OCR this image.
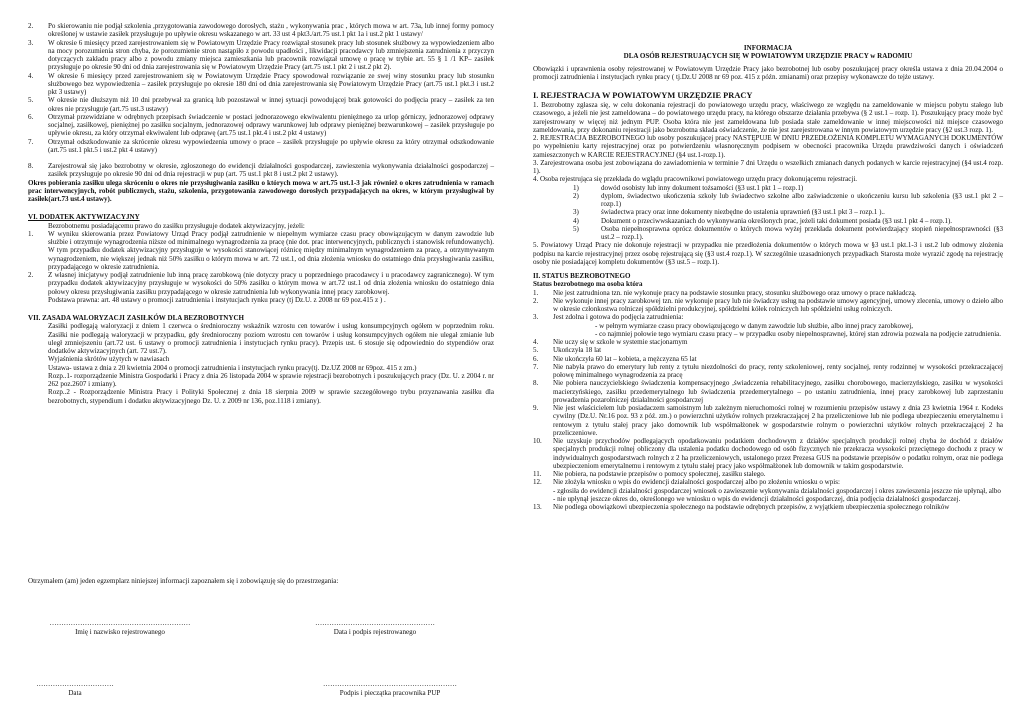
2.	Po skierowaniu nie podjął szkolenia ,przygotowania zawodowego dorosłych, stażu , wykonywania prac , których mowa w art. 73a, lub innej formy pomocy określonej w ustawie zasiłek przysługuje po upływie okresu wskazanego w art. 33 ust 4 pkt3./art.75 ust.1 pkt 1a i ust.2 pkt 1 ustawy/
3.	W okresie 6 miesięcy przed zarejestrowaniem się w Powiatowym Urzędzie Pracy rozwiązał stosunek pracy lub stosunek służbowy za wypowiedzeniem albo na mocy porozumienia stron chyba, że porozumienie stron nastąpiło z powodu upadłości , likwidacji pracodawcy lub zmniejszenia zatrudnienia z przyczyn dotyczących zakładu pracy albo z powodu zmiany miejsca zamieszkania lub pracownik rozwiązał umowę o pracę w trybie art. 55 § 1 /1 KP– zasiłek przysługuje po okresie 90 dni od dnia zarejestrowania się w Powiatowym Urzędzie Pracy (art.75 ust.1 pkt 2 i ust.2 pkt 2).
4.	W okresie 6 miesięcy przed zarejestrowaniem się w Powiatowym Urzędzie Pracy spowodował rozwiązanie ze swej winy stosunku pracy lub stosunku służbowego bez wypowiedzenia – zasiłek przysługuje po okresie 180 dni od dnia zarejestrowania się Powiatowym Urzędzie Pracy (art.75 ust.1 pkt.3 i ust.2 pkt 3 ustawy)
5.	W okresie nie dłuższym niż 10 dni przebywał za granicą lub pozostawał w innej sytuacji powodującej brak gotowości do podjęcia pracy – zasiłek za ten okres nie przysługuje (art.75 ust.3 ustawy)
6.	Otrzymał przewidziane w odrębnych przepisach świadczenie w postaci jednorazowego ekwiwalentu pieniężnego za urlop górniczy, jednorazowej odprawy socjalnej, zasiłkowej, pieniężnej po zasiłku socjalnym, jednorazowej odprawy warunkowej lub odprawy pieniężnej bezwarunkowej – zasiłek przysługuje po upływie okresu, za który otrzymał ekwiwalent lub odprawę (art.75 ust.1 pkt.4 i ust.2 pkt 4 ustawy)
7.	Otrzymał odszkodowanie za skrócenie okresu wypowiedzenia umowy o prace – zasiłek przysługuje po upływie okresu za który otrzymał odszkodowanie (art.75 ust.1 pkt.5 i ust.2 pkt 4 ustawy)
8.	Zarejestrował się jako bezrobotny w okresie, zgłoszonego do ewidencji działalności gospodarczej, zawieszenia wykonywania działalności gospodarczej – zasiłek przysługuje po okresie 90 dni od dnia rejestracji w pup (art. 75 ust.1 pkt 8 i ust.2 pkt 2 ustawy).
Okres pobierania zasiłku ulega skróceniu o okres nie przysługiwania zasiłku o których mowa w art.75 ust.1-3 jak również o okres zatrudnienia w ramach prac interwencyjnych, robót publicznych, stażu, szkolenia, przygotowania zawodowego dorosłych przypadających na okres, w którym przysługiwał by zasiłek(art.73 ust.4 ustawy).
VI. DODATEK AKTYWIZACYJNY
Bezrobotnemu posiadającemu prawo do zasiłku przysługuje dodatek aktywizacyjny, jeżeli:
1.	W wyniku skierowania przez Powiatowy Urząd Pracy podjął zatrudnienie w niepełnym wymiarze czasu pracy obowiązującym w danym zawodzie lub służbie i otrzymuje wynagrodzenia niższe od minimalnego wynagrodzenia za pracę (nie dot. prac interwencyjnych, publicznych i stanowisk refundowanych). W tym przypadku dodatek aktywizacyjny przysługuje w wysokości stanowiącej różnicę między minimalnym wynagrodzeniem za pracę, a otrzymywanym wynagrodzeniem, nie większej jednak niż 50% zasiłku o którym mowa w art. 72 ust.1, od dnia złożenia wniosku do ostatniego dnia przysługiwania zasiłku, przypadającego w okresie zatrudnienia.
2.	Z własnej inicjatywy podjął zatrudnienie lub inną pracę zarobkową (nie dotyczy pracy u poprzedniego pracodawcy i u pracodawcy zagranicznego). W tym przypadku dodatek aktywizacyjny przysługuje w wysokości do 50% zasiłku o którym mowa w art.72 ust.1 od dnia złożenia wniosku do ostatniego dnia połowy okresu przysługiwania zasiłku przypadającego w okresie zatrudnienia lub wykonywania innej pracy zarobkowej.
Podstawa prawna: art. 48 ustawy o promocji zatrudnienia i instytucjach rynku pracy (tj Dz.U. z 2008 nr 69 poz.415 z ) .
VII. ZASADA WALORYZACJI ZASIŁKÓW DLA BEZROBOTNYCH
Zasiłki podlegają waloryzacji z dniem 1 czerwca o średnioroczny wskaźnik wzrostu cen towarów i usług konsumpcyjnych ogółem w poprzednim roku. Zasiłki nie podlegają waloryzacji w przypadku, gdy średnioroczny poziom wzrostu cen towarów i usług konsumpcyjnych ogółem nie ulegał zmianie lub uległ zmniejszeniu (art.72 ust. 6 ustawy o promocji zatrudnienia i instytucjach rynku pracy). Przepis ust. 6 stosuje się odpowiednio do stypendiów oraz dodatków aktywizacyjnych (art. 72 ust.7).
Wyjaśnienia skrótów użytych w nawiasach
Ustawa- ustawa z dnia z 20 kwietnia 2004 o promocji zatrudnienia i instytucjach rynku pracy(tj. Dz.UZ 2008 nr 69poz. 415 z zm.)
Rozp..1- rozporządzenie Ministra Gospodarki i Pracy z dnia 26 listopada 2004 w sprawie rejestracji bezrobotnych i poszukujących pracy (Dz. U. z 2004 r. nr 262 poz.2607 i zmiany).
Rozp..2 - Rozporządzenie Ministra Pracy i Polityki Społecznej z dnia 18 sierpnia 2009 w sprawie szczegółowego trybu przyznawania zasiłku dla bezrobotnych, stypendium i dodatku aktywizacyjnego Dz. U. z 2009 nr 136, poz.1118 i zmiany).
Otrzymałem (am) jeden egzemplarz niniejszej informacji zapoznałem się i zobowiązuję się do przestrzegania:
……………………………………………………
Imię i nazwisko rejestrowanego
……………………………………………
Data i podpis rejestrowanego
……………………………
Data
…………………………………………………
Podpis i pieczątka pracownika PUP
INFORMACJA
DLA OSÓB REJESTRUJĄCYCH SIĘ W POWIATOWYM URZĘDZIE PRACY w RADOMIU
Obowiązki i uprawnienia osoby rejestrowanej w Powiatowym Urzędzie Pracy jako bezrobotnej lub osoby poszukującej pracy określa ustawa z dnia 20.04.2004 o promocji zatrudnienia i instytucjach rynku pracy ( tj.Dz.U 2008 nr 69 poz. 415 z późn. zmianami) oraz przepisy wykonawcze do tejże ustawy.
I. REJESTRACJA W POWIATOWYM URZĘDZIE PRACY
1. Bezrobotny zgłasza się, w celu dokonania rejestracji do powiatowego urzędu pracy, właściwego ze względu na zameldowanie w miejscu pobytu stałego lub czasowego, a jeżeli nie jest zameldowana – do powiatowego urzędu pracy, na którego obszarze działania przebywa (§ 2 ust.1 – rozp. 1). Poszukujący pracy może być zarejestrowany w więcej niż jednym PUP. Osoba która nie jest zameldowana lub posiada stałe zameldowanie w innej miejscowości niż miejsce czasowego zameldowania, przy dokonaniu rejestracji jako bezrobotna składa oświadczenie, że nie jest zarejestrowana w innym powiatowym urzędzie pracy (§2 ust.3 rozp. 1).
2. REJESTRACJA BEZROBOTNEGO lub osoby poszukującej pracy NASTĘPUJE W DNIU PRZEDŁOŻENIA KOMPLETU WYMAGANYCH DOKUMENTÓW po wypełnieniu karty rejestracyjnej oraz po potwierdzeniu własnoręcznym podpisem w obecności pracownika Urzędu prawdziwości danych i oświadczeń zamieszczonych w KARCIE REJESTRACYJNEJ (§4 ust.1-rozp.1).
3. Zarejestrowana osoba jest zobowiązana do zawiadomienia w terminie 7 dni Urzędu o wszelkich zmianach danych podanych w karcie rejestracyjnej (§4 ust.4 rozp. 1).
4. Osoba rejestrująca się przekłada do wglądu pracownikowi powiatowego urzędu pracy dokonującemu rejestracji.
1)	dowód osobisty lub inny dokument tożsamości (§3 ust.1 pkt 1 – rozp.1)
2)	dyplom, świadectwo ukończenia szkoły lub świadectwo szkolne albo zaświadczenie o ukończeniu kursu lub szkolenia (§3 ust.1 pkt 2 – rozp.1)
3)	świadectwa pracy oraz inne dokumenty niezbędne do ustalenia uprawnień (§3 ust.1 pkt 3 – rozp.1 )..
4)	Dokument o przeciwwskazaniach do wykonywania określonych prac, jeżeli taki dokument posiada (§3 ust.1 pkt 4 – rozp.1).
5)	Osoba niepełnosprawna oprócz dokumentów o których mowa wyżej przekłada dokument potwierdzający stopień niepełnosprawności (§3 ust.2 – rozp.1).
5. Powiatowy Urząd Pracy nie dokonuje rejestracji w przypadku nie przedłożenia dokumentów o których mowa w §3 ust.1 pkt.1-3 i ust.2 lub odmowy złożenia podpisu na karcie rejestracyjnej przez osobę rejestrującą się (§3 ust.4 rozp.1). W szczególnie uzasadnionych przypadkach Starosta może wyrazić zgodę na rejestrację osoby nie posiadającej kompletu dokumentów (§3 ust.5 – rozp.1).
II. STATUS BEZROBOTNEGO
Status bezrobotnego ma osoba która
1.	Nie jest zatrudniona tzn. nie wykonuje pracy na podstawie stosunku pracy, stosunku służbowego oraz umowy o prace nakładczą.
2.	Nie wykonuje innej pracy zarobkowej tzn. nie wykonuje pracy lub nie świadczy usług na podstawie umowy agencyjnej, umowy zlecenia, umowy o dzieło albo w okresie członkostwa rolniczej spółdzielni produkcyjnej, spółdzielni kółek rolniczych lub spółdzielni usług rolniczych.
3.	Jest zdolna i gotowa do podjęcia zatrudnienia:
- w pełnym wymiarze czasu pracy obowiązującego w danym zawodzie lub służbie, albo innej pracy zarobkowej,
- co najmniej połowie tego wymiaru czasu pracy – w przypadku osoby niepełnosprawnej, której stan zdrowia pozwala na podjęcie zatrudnienia.
4.	Nie uczy się w szkole w systemie stacjonarnym
5.	Ukończyła 18 lat
6.	Nie ukończyła 60 lat – kobieta, a mężczyzna 65 lat
7.	Nie nabyła prawo do emerytury lub renty z tytułu niezdolności do pracy, renty szkoleniowej, renty socjalnej, renty rodzinnej w wysokości przekraczającej połowę minimalnego wynagrodzenia za pracę
8.	Nie pobiera nauczycielskiego świadczenia kompensacyjnego ,świadczenia rehabilitacyjnego, zasiłku chorobowego, macierzyńskiego, zasiłku w wysokości macierzyńskiego, zasiłku przedemerytalnego lub świadczenia przedemerytalnego – po ustaniu zatrudnienia, innej pracy zarobkowej lub zaprzestaniu prowadzenia pozarolniczej działalności gospodarczej
9.	Nie jest właścicielem lub posiadaczem samoistnym lub zależnym nieruchomości rolnej w rozumieniu przepisów ustawy z dnia 23 kwietnia 1964 r. Kodeks cywilny (Dz.U. Nr.16 poz. 93 z póź. zm.) o powierzchni użytków rolnych przekraczającej 2 ha przeliczeniowe lub nie podlega ubezpieczeniu emerytalnemu i rentowym z tytułu stałej pracy jako domownik lub współmałżonek w gospodarstwie rolnym o powierzchni użytków rolnych przekraczającej 2 ha przeliczeniowe.
10.	Nie uzyskuje przychodów podlegających opodatkowaniu podatkiem dochodowym z działów specjalnych produkcji rolnej chyba że dochód z działów specjalnych produkcji rolnej obliczony dla ustalenia podatku dochodowego od osób fizycznych nie przekracza wysokości przeciętnego dochodu z pracy w indywidualnych gospodarstwach rolnych z 2 ha przeliczeniowych, ustalonego przez Prezesa GUS na podstawie przepisów o podatku rolnym, oraz nie podlega ubezpieczeniom emerytalnemu i rentowym z tytułu stałej pracy jako współmałżonek lub domownik w takim gospodarstwie.
11.	Nie pobiera, na podstawie przepisów o pomocy społecznej, zasiłku stałego.
12.	Nie złożyła wniosku o wpis do ewidencji działalności gospodarczej albo po złożeniu wniosku o wpis:
- zgłosiła do ewidencji działalności gospodarczej wniosek o zawieszenie wykonywania działalności gospodarczej i okres zawieszenia jeszcze nie upłynął, albo
- nie upłynął jeszcze okres do, określonego we wniosku o wpis do ewidencji działalności gospodarczej, dnia podjęcia działalności gospodarczej.
13.	Nie podlega obowiązkowi ubezpieczenia społecznego na podstawie odrębnych przepisów, z wyjątkiem ubezpieczenia społecznego rolników
